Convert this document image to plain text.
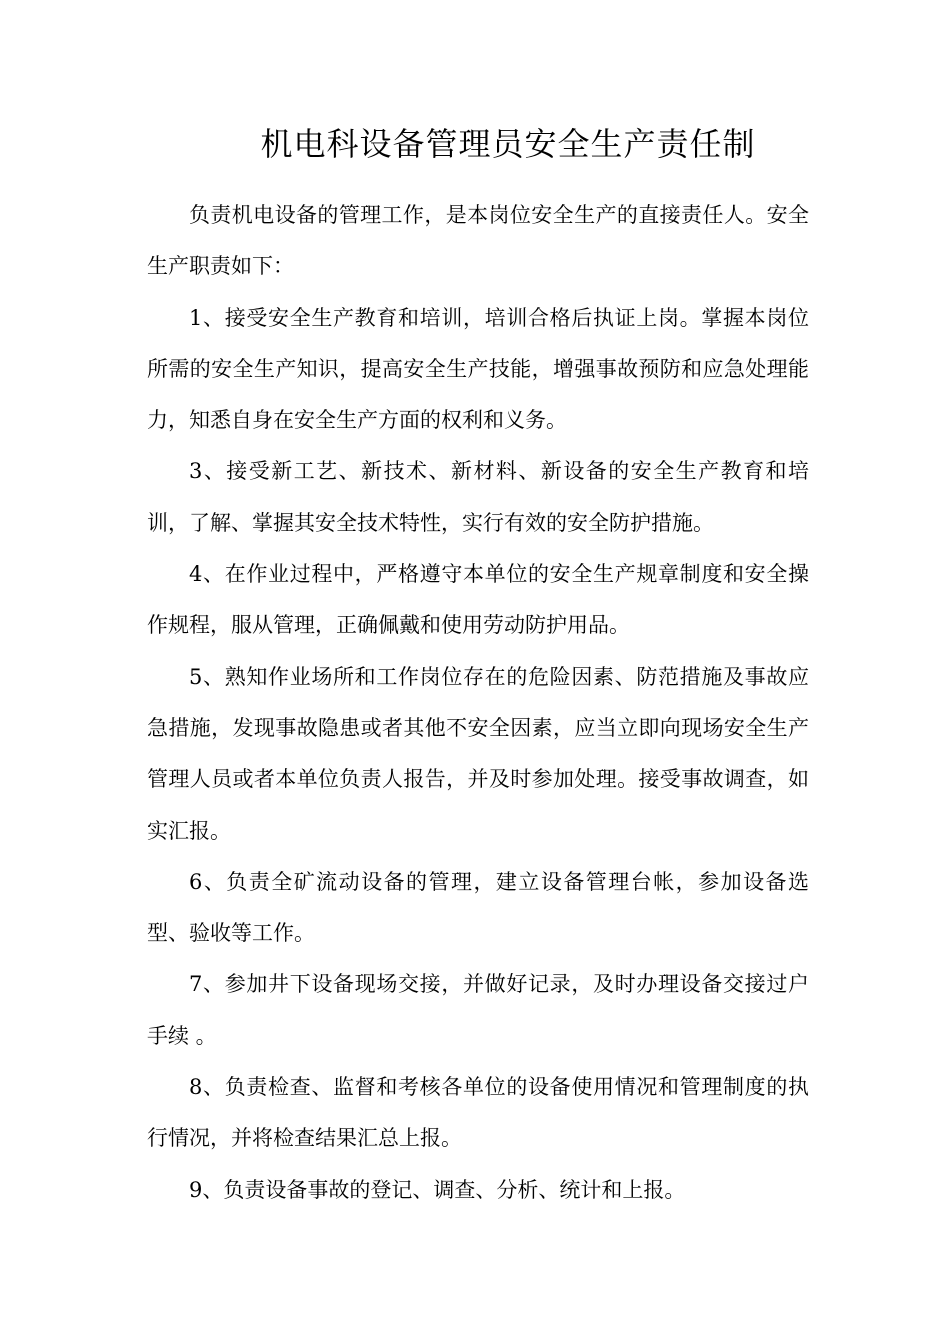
机电科设备管理员安全生产责任制

负责机电设备的管理工作，是本岗位安全生产的直接责任人。安全生产职责如下：

1、接受安全生产教育和培训，培训合格后执证上岗。掌握本岗位所需的安全生产知识，提高安全生产技能，增强事故预防和应急处理能力，知悉自身在安全生产方面的权利和义务。

3、接受新工艺、新技术、新材料、新设备的安全生产教育和培训，了解、掌握其安全技术特性，实行有效的安全防护措施。

4、在作业过程中，严格遵守本单位的安全生产规章制度和安全操作规程，服从管理，正确佩戴和使用劳动防护用品。

5、熟知作业场所和工作岗位存在的危险因素、防范措施及事故应急措施，发现事故隐患或者其他不安全因素，应当立即向现场安全生产管理人员或者本单位负责人报告，并及时参加处理。接受事故调查，如实汇报。

6、负责全矿流动设备的管理，建立设备管理台帐，参加设备选型、验收等工作。

7、参加井下设备现场交接，并做好记录，及时办理设备交接过户手续 。

8、负责检查、监督和考核各单位的设备使用情况和管理制度的执行情况，并将检查结果汇总上报。

9、负责设备事故的登记、调查、分析、统计和上报。
